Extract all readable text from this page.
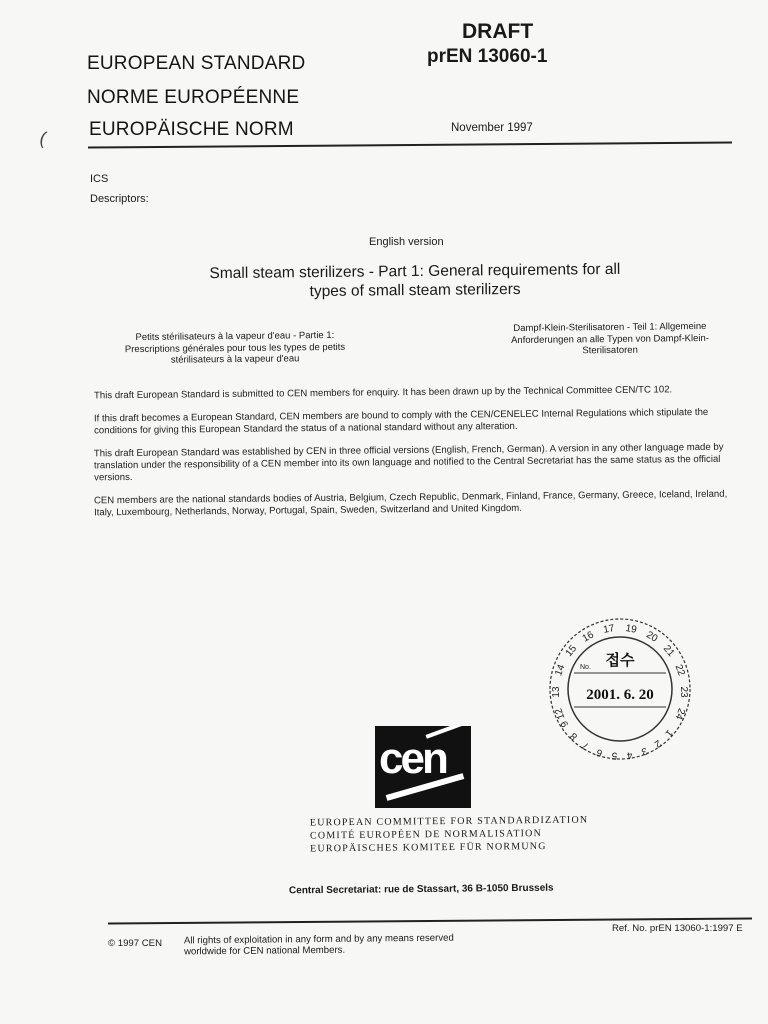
EUROPEAN STANDARD
NORME EUROPÉENNE
EUROPÄISCHE NORM
(
DRAFT
prEN 13060-1
November 1997
ICS
Descriptors:
English version
Small steam sterilizers - Part 1: General requirements for all
types of small steam sterilizers
Petits stérilisateurs à la vapeur d'eau - Partie 1:
Prescriptions générales pour tous les types de petits
stérilisateurs à la vapeur d'eau
Dampf-Klein-Sterilisatoren - Teil 1: Allgemeine
Anforderungen an alle Typen von Dampf-Klein-
Sterilisatoren
This draft European Standard is submitted to CEN members for enquiry. It has been drawn up by the Technical Committee CEN/TC 102.
If this draft becomes a European Standard, CEN members are bound to comply with the CEN/CENELEC Internal Regulations which stipulate the conditions for giving this European Standard the status of a national standard without any alteration.
This draft European Standard was established by CEN in three official versions (English, French, German). A version in any other language made by translation under the responsibility of a CEN member into its own language and notified to the Central Secretariat has the same status as the official versions.
CEN members are the national standards bodies of Austria, Belgium, Czech Republic, Denmark, Finland, France, Germany, Greece, Iceland, Ireland, Italy, Luxembourg, Netherlands, Norway, Portugal, Spain, Sweden, Switzerland and United Kingdom.
12
13
14
15
16
17 19
20
21
22
23
24
9
8
7
6 5 4 3
2
1
No. 접수
2001. 6. 20
cen
EUROPEAN COMMITTEE FOR STANDARDIZATION
COMITÉ EUROPÉEN DE NORMALISATION
EUROPÄISCHES KOMITEE FÜR NORMUNG
Central Secretariat: rue de Stassart, 36 B-1050 Brussels
© 1997 CEN All rights of exploitation in any form and by any means reserved
worldwide for CEN national Members.
Ref. No. prEN 13060-1:1997 E
